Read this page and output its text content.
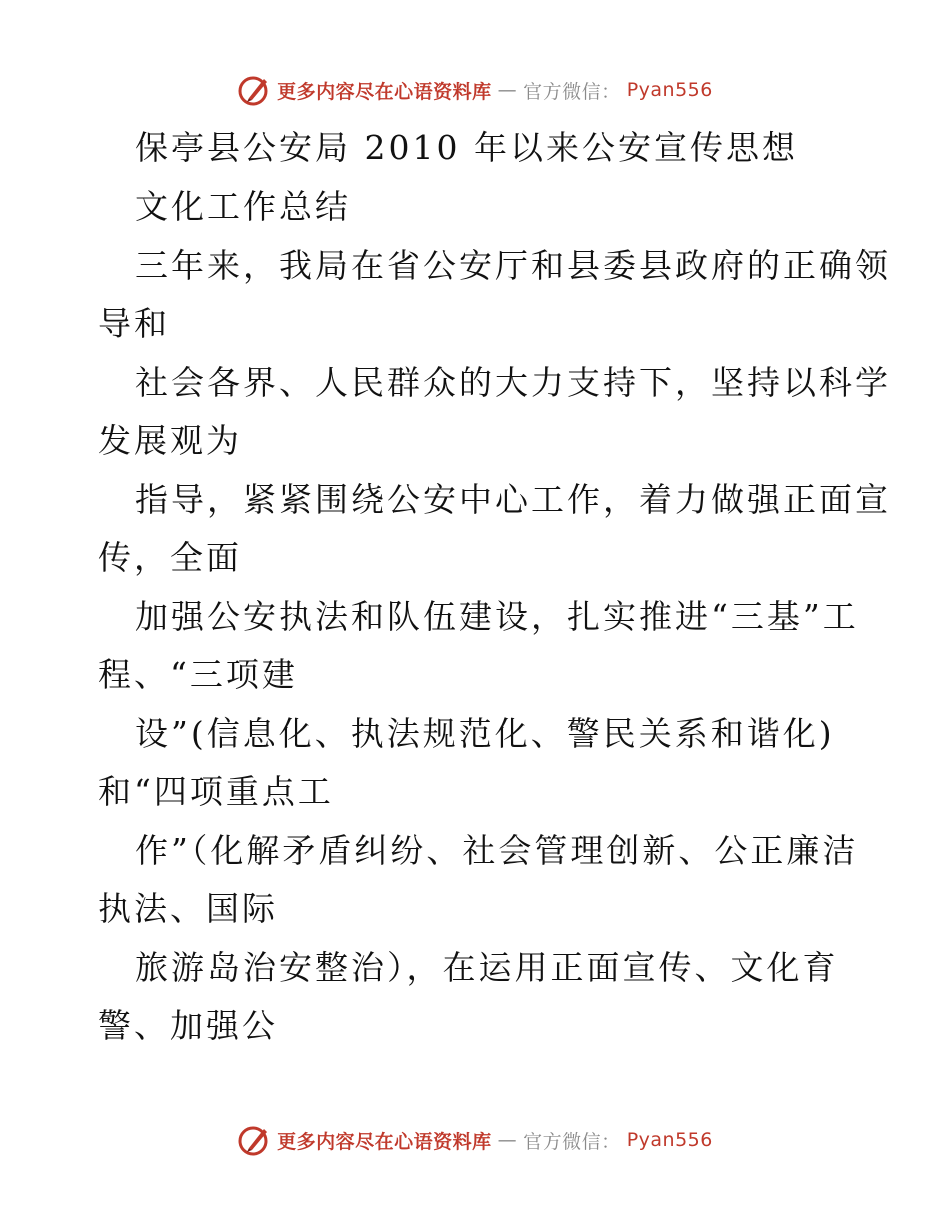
更多内容尽在心语资料库 — 官方微信： Pyan556
保亭县公安局 2010 年以来公安宣传思想
文化工作总结
三年来，我局在省公安厅和县委县政府的正确领
导和
社会各界、人民群众的大力支持下，坚持以科学
发展观为
指导，紧紧围绕公安中心工作，着力做强正面宣
传，全面
加强公安执法和队伍建设，扎实推进“三基”工
程、“三项建
设”(信息化、执法规范化、警民关系和谐化)
和“四项重点工
作”（化解矛盾纠纷、社会管理创新、公正廉洁
执法、国际
旅游岛治安整治），在运用正面宣传、文化育
警、加强公
更多内容尽在心语资料库 — 官方微信： Pyan556
